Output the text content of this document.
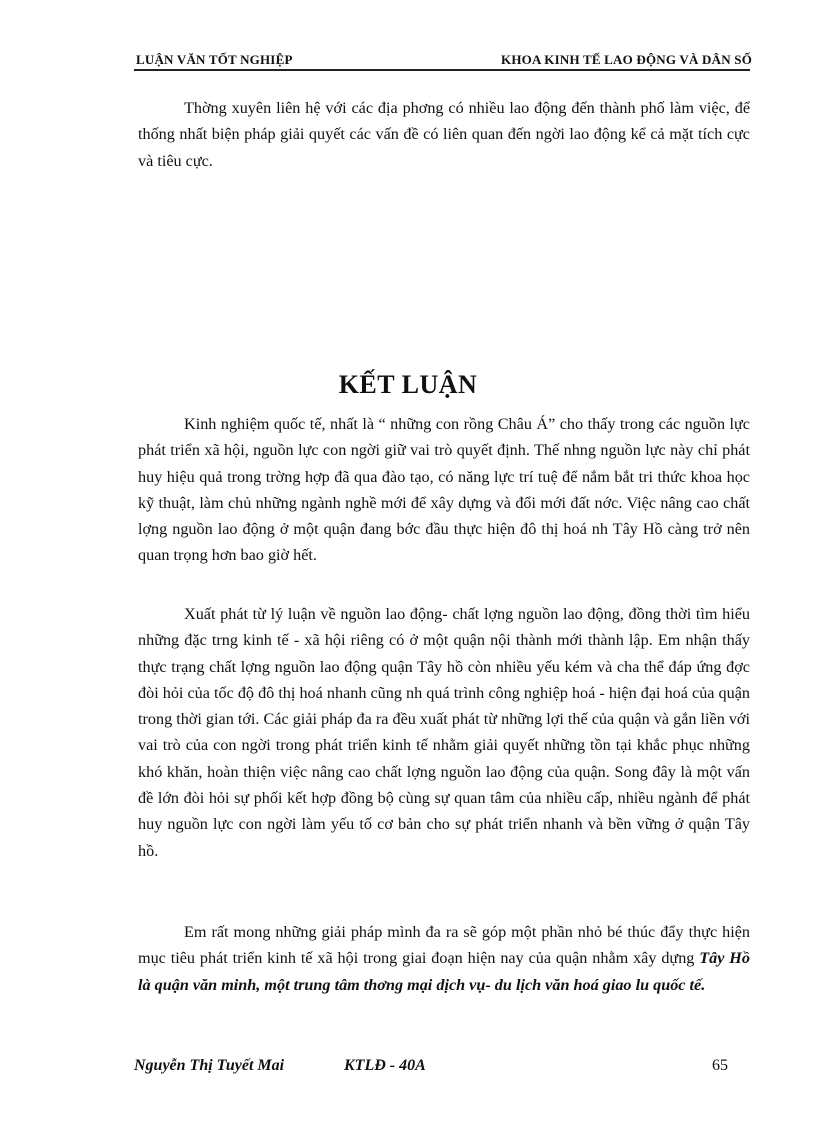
LUẬN VĂN TỐT NGHIỆP	KHOA KINH TẾ LAO ĐỘNG VÀ DÂN SỐ

Thờng xuyên liên hệ với các địa phơng có nhiều lao động đến thành phố làm việc, để thống nhất biện pháp giải quyết các vấn đề có liên quan đến ngời lao động kể cả mặt tích cực và tiêu cực.

KẾT LUẬN

Kinh nghiệm quốc tế, nhất là “ những con rồng Châu Á” cho thấy trong các nguồn lực phát triển xã hội, nguồn lực con ngời giữ vai trò quyết định. Thế nhng nguồn lực này chỉ phát huy hiệu quả trong trờng hợp đã qua đào tạo, có năng lực trí tuệ để nắm bắt tri thức khoa học kỹ thuật, làm chủ những ngành nghề mới để xây dựng và đổi mới đất nớc. Việc nâng cao chất lợng nguồn lao động ở một quận đang bớc đầu thực hiện đô thị hoá nh Tây Hồ càng trở nên quan trọng hơn bao giờ hết.

Xuất phát từ lý luận về nguồn lao động- chất lợng nguồn lao động, đồng thời tìm hiểu những đặc trng kinh tế - xã hội riêng có ở một quận nội thành mới thành lập. Em nhận thấy thực trạng chất lợng nguồn lao động quận Tây hồ còn nhiều yếu kém và cha thể đáp ứng đợc đòi hỏi của tốc độ đô thị hoá nhanh cũng nh quá trình công nghiệp hoá - hiện đại hoá của quận trong thời gian tới. Các giải pháp đa ra đều xuất phát từ những lợi thế của quận và gắn liền với vai trò của con ngời trong phát triển kinh tế nhằm giải quyết những tồn tại khắc phục những khó khăn, hoàn thiện việc nâng cao chất lợng nguồn lao động của quận. Song đây là một vấn đề lớn đòi hỏi sự phối kết hợp đồng bộ cùng sự quan tâm của nhiều cấp, nhiều ngành để phát huy nguồn lực con ngời làm yếu tố cơ bản cho sự phát triển nhanh và bền vững ở quận Tây hồ.

Em rất mong những giải pháp mình đa ra sẽ góp một phần nhỏ bé thúc đẩy thực hiện mục tiêu phát triển kinh tế xã hội trong giai đoạn hiện nay của quận nhằm xây dựng Tây Hồ là quận văn minh, một trung tâm thơng mại dịch vụ- du lịch văn hoá giao lu quốc tế.

Nguyễn Thị Tuyết Mai	KTLĐ - 40A	65
